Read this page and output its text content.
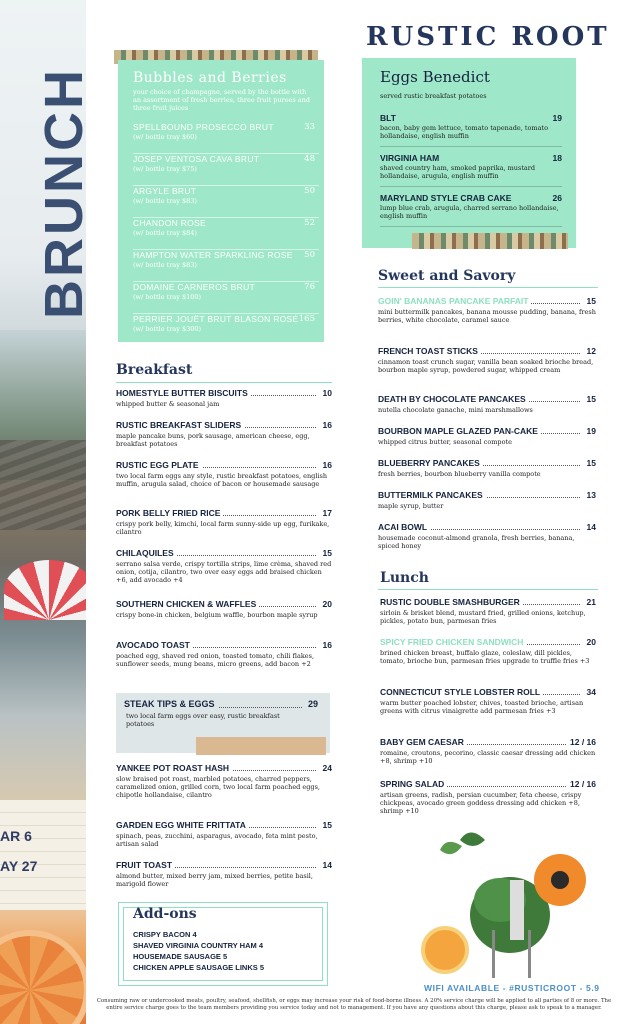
AR 6
AY 27
BRUNCH
RUSTIC ROOT
Bubbles and Berries
your choice of champagne, served by the bottle with an assortment of fresh berries, three fruit purees and three fruit juices
SPELLBOUND PROSECCO BRUT	33
(w/ bottle tray $60)
JOSEP VENTOSA CAVA BRUT	48
(w/ bottle tray $75)
ARGYLE BRUT	50
(w/ bottle tray $83)
CHANDON ROSE	52
(w/ bottle tray $84)
HAMPTON WATER SPARKLING ROSE 50
(w/ bottle tray $83)
DOMAINE CARNEROS BRUT	76
(w/ bottle tray $100)
PERRIER JOUËT BRUT BLASON ROSÉ 165
(w/ bottle tray $300)
Eggs Benedict
served rustic breakfast potatoes
BLT	19
bacon, baby gem lettuce, tomato tapenade, tomato hollandaise, english muffin
VIRGINIA HAM	18
shaved country ham, smoked paprika, mustard hollandaise, arugula, english muffin
MARYLAND STYLE CRAB CAKE	26
lump blue crab, arugula, charred serrano hollandaise, english muffin
Breakfast
HOMESTYLE BUTTER BISCUITS	10
whipped butter & seasonal jam
RUSTIC BREAKFAST SLIDERS	16
maple pancake buns, pork sausage, american cheese, egg, breakfast potatoes
RUSTIC EGG PLATE	16
two local farm eggs any style, rustic breakfast potatoes, english muffin, arugula salad, choice of bacon or housemade sausage
PORK BELLY FRIED RICE	17
crispy pork belly, kimchi, local farm sunny-side up egg, furikake, cilantro
CHILAQUILES	15
serrano salsa verde, crispy tortilla strips, lime crèma, shaved red onion, cotija, cilantro, two over easy eggs add braised chicken +6, add avocado +4
SOUTHERN CHICKEN & WAFFLES	20
crispy bone-in chicken, belgium waffle, bourbon maple syrup
AVOCADO TOAST	16
poached egg, shaved red onion, toasted tomato, chili flakes, sunflower seeds, mung beans, micro greens, add bacon +2
STEAK TIPS & EGGS	29
two local farm eggs over easy, rustic breakfast potatoes
YANKEE POT ROAST HASH	24
slow braised pot roast, marbled potatoes, charred peppers, caramelized onion, grilled corn, two local farm poached eggs, chipotle hollandaise, cilantro
GARDEN EGG WHITE FRITTATA	15
spinach, peas, zucchini, asparagus, avocado, feta mint pesto, artisan salad
FRUIT TOAST	14
almond butter, mixed berry jam, mixed berries, petite basil, marigold flower
Add-ons
CRISPY BACON 4
SHAVED VIRGINIA COUNTRY HAM 4
HOUSEMADE SAUSAGE 5
CHICKEN APPLE SAUSAGE LINKS 5
Sweet and Savory
GOIN' BANANAS PANCAKE PARFAIT	15
mini buttermilk pancakes, banana mousse pudding, banana, fresh berries, white chocolate, caramel sauce
FRENCH TOAST STICKS	12
cinnamon toast crunch sugar, vanilla bean soaked brioche bread, bourbon maple syrup, powdered sugar, whipped cream
DEATH BY CHOCOLATE PANCAKES	15
nutella chocolate ganache, mini marshmallows
BOURBON MAPLE GLAZED PAN-CAKE	19
whipped citrus butter, seasonal compote
BLUEBERRY PANCAKES	15
fresh berries, bourbon blueberry vanilla compote
BUTTERMILK PANCAKES	13
maple syrup, butter
ACAI BOWL	14
housemade coconut-almond granola, fresh berries, banana, spiced honey
Lunch
RUSTIC DOUBLE SMASHBURGER	21
sirloin & brisket blend, mustard fried, grilled onions, ketchup, pickles, potato bun, parmesan fries
SPICY FRIED CHICKEN SANDWICH	20
brined chicken breast, buffalo glaze, coleslaw, dill pickles, tomato, brioche bun, parmesan fries upgrade to truffle fries +3
CONNECTICUT STYLE LOBSTER ROLL	34
warm butter poached lobster, chives, toasted brioche, artisan greens with citrus vinaigrette add parmesan fries +3
BABY GEM CAESAR	12 / 16
romaine, croutons, pecorino, classic caesar dressing add chicken +8, shrimp +10
SPRING SALAD	12 / 16
artisan greens, radish, persian cucumber, feta cheese, crispy chickpeas, avocado green goddess dressing add chicken +8, shrimp +10
WIFI AVAILABLE - #RUSTICROOT - 5.9
Consuming raw or undercooked meats, poultry, seafood, shellfish, or eggs may increase your risk of food-borne illness. A 20% service charge will be applied to all parties of 8 or more. The entire service charge goes to the team members providing you service today and not to management. If you have any questions about this charge, please ask to speak to a manager.
